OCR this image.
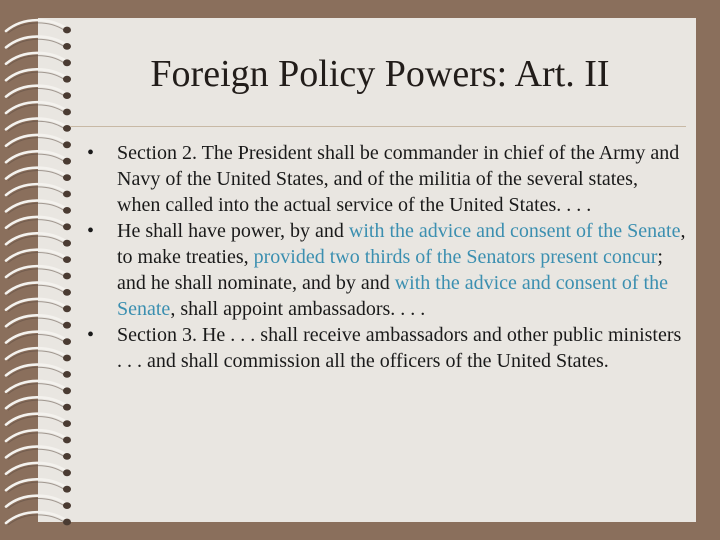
Foreign Policy Powers: Art. II
• Section 2. The President shall be commander in chief of the Army and Navy of the United States, and of the militia of the several states, when called into the actual service of the United States. . . .
• He shall have power, by and with the advice and consent of the Senate, to make treaties, provided two thirds of the Senators present concur; and he shall nominate, and by and with the advice and consent of the Senate, shall appoint ambassadors. . . .
• Section 3. He . . . shall receive ambassadors and other public ministers . . . and shall commission all the officers of the United States.
